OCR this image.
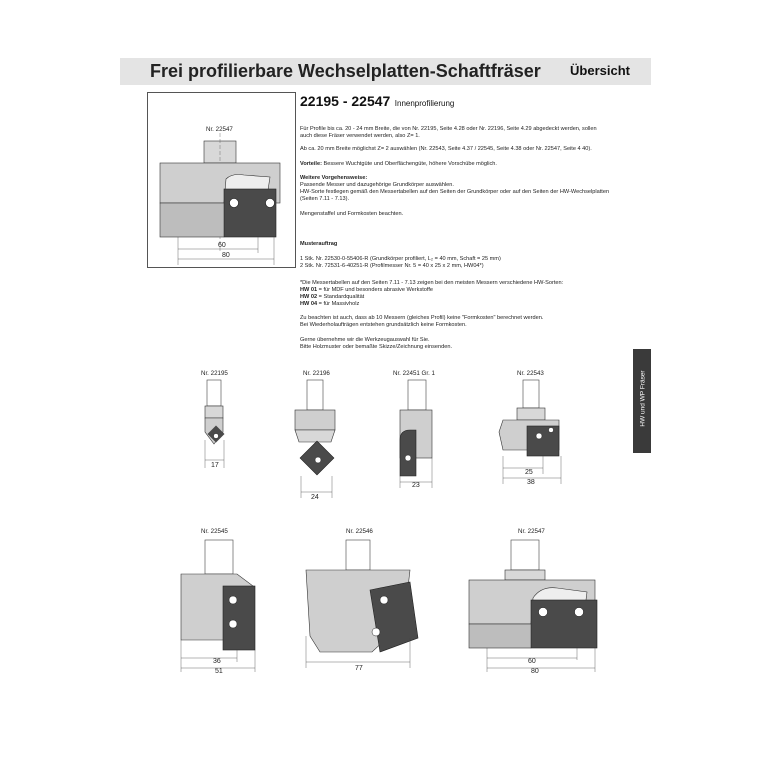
Frei profilierbare Wechselplatten-Schaftfräser Übersicht
Nr. 22547
60
80
22195 - 22547 Innenprofilierung
Für Profile bis ca. 20 - 24 mm Breite, die von Nr. 22195, Seite 4.28 oder Nr. 22196, Seite 4.29 abgedeckt werden, sollen auch diese Fräser verwendet werden, also Z= 1.
Ab ca. 20 mm Breite möglichst Z= 2 auswählen (Nr. 22543, Seite 4.37 / 22545, Seite 4.38 oder Nr. 22547, Seite 4 40).
Vorteile: Bessere Wuchtgüte und Oberflächengüte, höhere Vorschübe möglich.
Weitere Vorgehensweise:
Passende Messer und dazugehörige Grundkörper auswählen.
HW-Sorte festlegen gemäß den Messertabellen auf den Seiten der Grundkörper oder auf den Seiten der HW-Wechselplatten (Seiten 7.11 - 7.13).
Mengenstaffel und Formkosten beachten.
Musterauftrag
1 Stk. Nr. 22530-0-55406-R (Grundkörper profiliert, L₂ = 40 mm, Schaft = 25 mm)
2 Stk. Nr. 72531-6-40251-R (Profilmesser Nr. 5 = 40 x 25 x 2 mm, HW04*)
*Die Messertabellen auf den Seiten 7.11 - 7.13 zeigen bei den meisten Messern verschiedene HW-Sorten:
HW 01 = für MDF und besonders abrasive Werkstoffe
HW 02 = Standardqualität
HW 04 = für Massivholz
Zu beachten ist auch, dass ab 10 Messern (gleiches Profil) keine "Formkosten" berechnet werden.
Bei Wiederholaufträgen entstehen grundsätzlich keine Formkosten.
Gerne übernehme wir die Werkzeugauswahl für Sie.
Bitte Holzmuster oder bemaßte Skizze/Zeichnung einsenden.
HW und WP Fräser
Nr. 22195
17
Nr. 22196
24
Nr. 22451 Gr. 1
23
Nr. 22543
25
38
Nr. 22545
36
51
Nr. 22546
77
Nr. 22547
60
80
